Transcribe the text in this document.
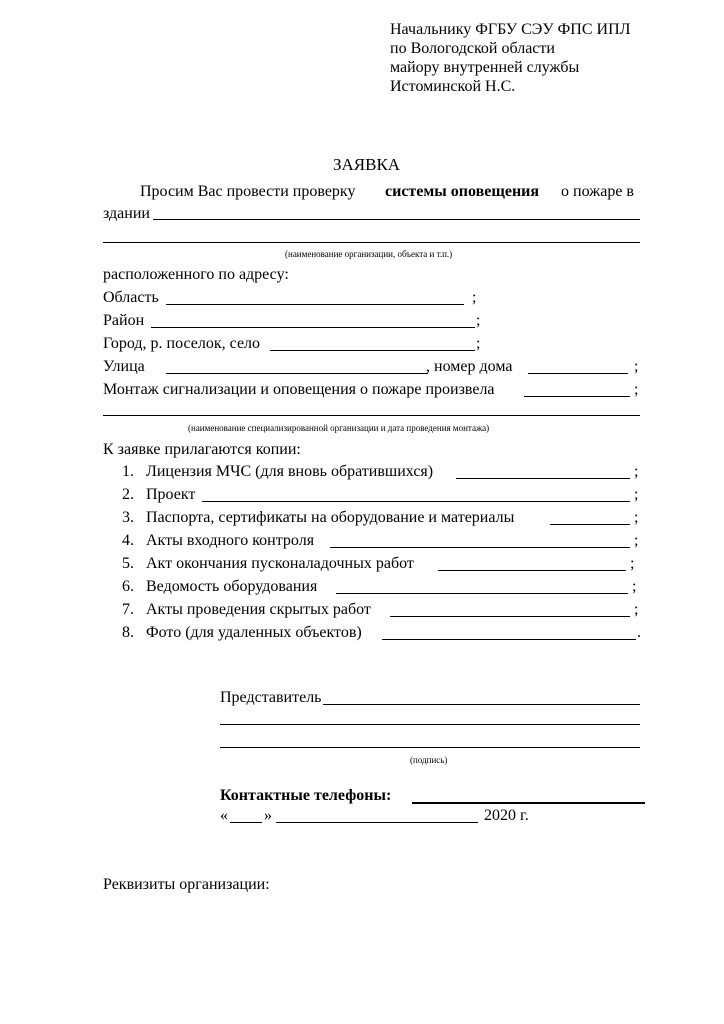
Начальнику ФГБУ СЭУ ФПС ИПЛ
по Вологодской области
майору внутренней службы
Истоминской Н.С.
ЗАЯВКА
Просим Вас провести проверку системы оповещения о пожаре в
здании
(наименование организации, объекта и т.п.)
расположенного по адресу:
Область	;
Район	;
Город, р. поселок, село	;
Улица	, номер дома	;
Монтаж сигнализации и оповещения о пожаре произвела	;
(наименование специализированной организации и дата проведения монтажа)
К заявке прилагаются копии:
1. Лицензия МЧС (для вновь обратившихся)	;
2. Проект	;
3. Паспорта, сертификаты на оборудование и материалы	;
4. Акты входного контроля	;
5. Акт окончания пусконаладочных работ	;
6. Ведомость оборудования	;
7. Акты проведения скрытых работ	;
8. Фото (для удаленных объектов)	.
Представитель
(подпись)
Контактные телефоны:
« »	2020 г.
Реквизиты организации:
